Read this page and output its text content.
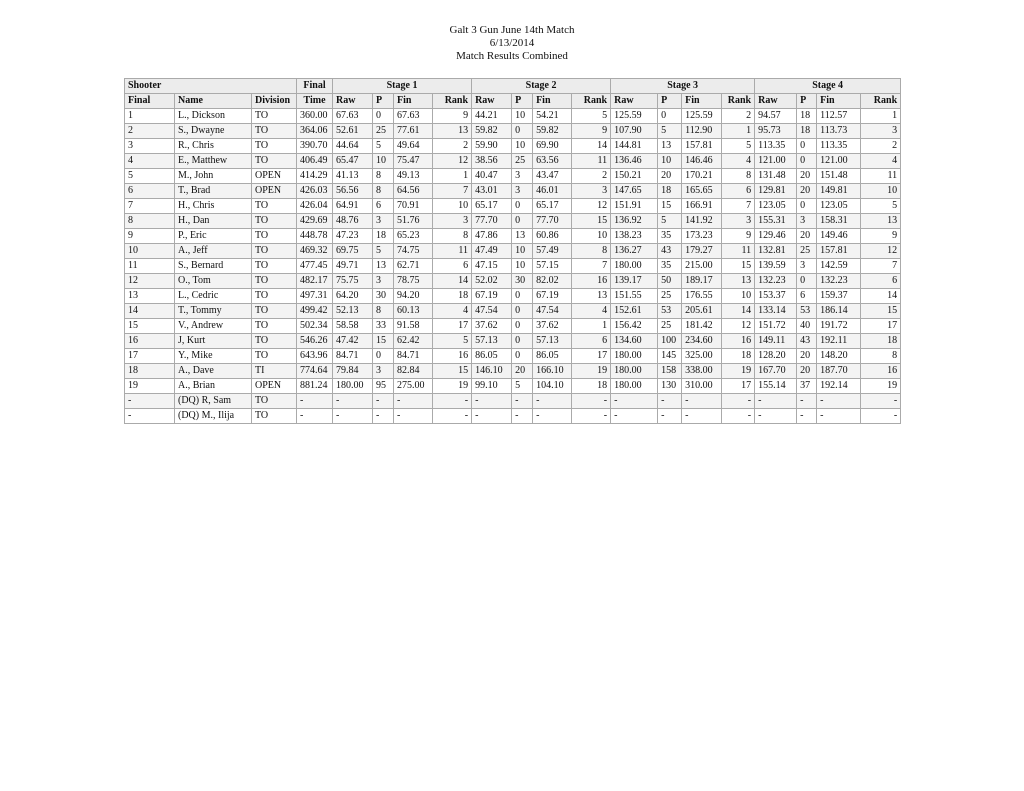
Galt 3 Gun June 14th Match
6/13/2014
Match Results Combined
Shooter			Final	Stage 1				Stage 2				Stage 3				Stage 4			
Final	Name	Division	Time	Raw	P	Fin	Rank	Raw	P	Fin	Rank	Raw	P	Fin	Rank	Raw	P	Fin	Rank
1	L., Dickson	TO	360.00	67.63	0	67.63	9	44.21	10	54.21	5	125.59	0	125.59	2	94.57	18	112.57	1
2	S., Dwayne	TO	364.06	52.61	25	77.61	13	59.82	0	59.82	9	107.90	5	112.90	1	95.73	18	113.73	3
3	R., Chris	TO	390.70	44.64	5	49.64	2	59.90	10	69.90	14	144.81	13	157.81	5	113.35	0	113.35	2
4	E., Matthew	TO	406.49	65.47	10	75.47	12	38.56	25	63.56	11	136.46	10	146.46	4	121.00	0	121.00	4
5	M., John	OPEN	414.29	41.13	8	49.13	1	40.47	3	43.47	2	150.21	20	170.21	8	131.48	20	151.48	11
6	T., Brad	OPEN	426.03	56.56	8	64.56	7	43.01	3	46.01	3	147.65	18	165.65	6	129.81	20	149.81	10
7	H., Chris	TO	426.04	64.91	6	70.91	10	65.17	0	65.17	12	151.91	15	166.91	7	123.05	0	123.05	5
8	H., Dan	TO	429.69	48.76	3	51.76	3	77.70	0	77.70	15	136.92	5	141.92	3	155.31	3	158.31	13
9	P., Eric	TO	448.78	47.23	18	65.23	8	47.86	13	60.86	10	138.23	35	173.23	9	129.46	20	149.46	9
10	A., Jeff	TO	469.32	69.75	5	74.75	11	47.49	10	57.49	8	136.27	43	179.27	11	132.81	25	157.81	12
11	S., Bernard	TO	477.45	49.71	13	62.71	6	47.15	10	57.15	7	180.00	35	215.00	15	139.59	3	142.59	7
12	O., Tom	TO	482.17	75.75	3	78.75	14	52.02	30	82.02	16	139.17	50	189.17	13	132.23	0	132.23	6
13	L., Cedric	TO	497.31	64.20	30	94.20	18	67.19	0	67.19	13	151.55	25	176.55	10	153.37	6	159.37	14
14	T., Tommy	TO	499.42	52.13	8	60.13	4	47.54	0	47.54	4	152.61	53	205.61	14	133.14	53	186.14	15
15	V., Andrew	TO	502.34	58.58	33	91.58	17	37.62	0	37.62	1	156.42	25	181.42	12	151.72	40	191.72	17
16	J, Kurt	TO	546.26	47.42	15	62.42	5	57.13	0	57.13	6	134.60	100	234.60	16	149.11	43	192.11	18
17	Y., Mike	TO	643.96	84.71	0	84.71	16	86.05	0	86.05	17	180.00	145	325.00	18	128.20	20	148.20	8
18	A., Dave	TI	774.64	79.84	3	82.84	15	146.10	20	166.10	19	180.00	158	338.00	19	167.70	20	187.70	16
19	A., Brian	OPEN	881.24	180.00	95	275.00	19	99.10	5	104.10	18	180.00	130	310.00	17	155.14	37	192.14	19
-	(DQ) R, Sam	TO	-	-	-	-	-	-	-	-	-	-	-	-	-	-	-	-	-
-	(DQ) M., Ilija	TO	-	-	-	-	-	-	-	-	-	-	-	-	-	-	-	-	-
